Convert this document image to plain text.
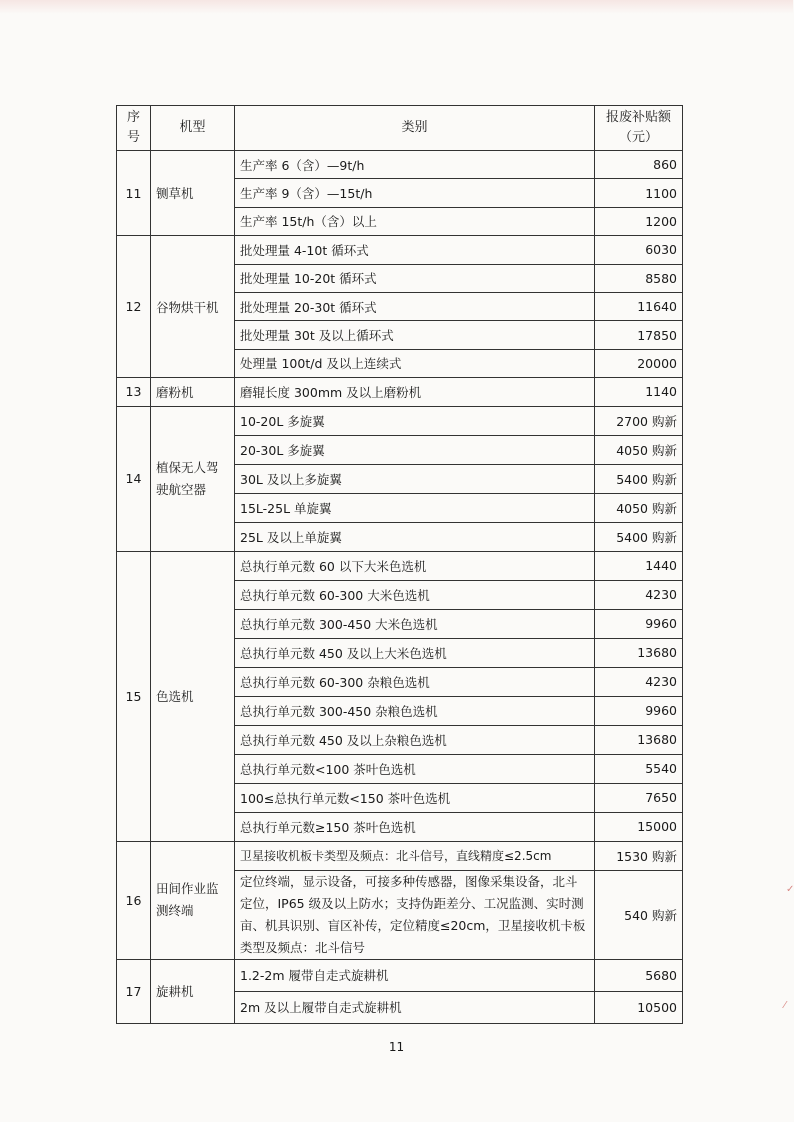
✓
⁄
序号	机型	类别	报废补贴额
（元）
11	铡草机	生产率 6（含）—9t/h	860
		生产率 9（含）—15t/h	1100
		生产率 15t/h（含）以上	1200
12	谷物烘干机	批处理量 4-10t 循环式	6030
		批处理量 10-20t 循环式	8580
		批处理量 20-30t 循环式	11640
		批处理量 30t 及以上循环式	17850
		处理量 100t/d 及以上连续式	20000
13	磨粉机	磨辊长度 300mm 及以上磨粉机	1140
14	植保无人驾驶航空器	10-20L 多旋翼	2700 购新
		20-30L 多旋翼	4050 购新
		30L 及以上多旋翼	5400 购新
		15L-25L 单旋翼	4050 购新
		25L 及以上单旋翼	5400 购新
15	色选机	总执行单元数 60 以下大米色选机	1440
		总执行单元数 60-300 大米色选机	4230
		总执行单元数 300-450 大米色选机	9960
		总执行单元数 450 及以上大米色选机	13680
		总执行单元数 60-300 杂粮色选机	4230
		总执行单元数 300-450 杂粮色选机	9960
		总执行单元数 450 及以上杂粮色选机	13680
		总执行单元数<100 茶叶色选机	5540
		100≤总执行单元数<150 茶叶色选机	7650
		总执行单元数≥150 茶叶色选机	15000
16	田间作业监测终端	卫星接收机板卡类型及频点：北斗信号，直线精度≤2.5cm	1530 购新
		定位终端，显示设备，可接多种传感器，图像采集设备，北斗定位，IP65 级及以上防水；支持伪距差分、工况监测、实时测亩、机具识别、盲区补传，定位精度≤20cm，卫星接收机卡板类型及频点：北斗信号	540 购新
17	旋耕机	1.2-2m 履带自走式旋耕机	5680
		2m 及以上履带自走式旋耕机	10500
11
